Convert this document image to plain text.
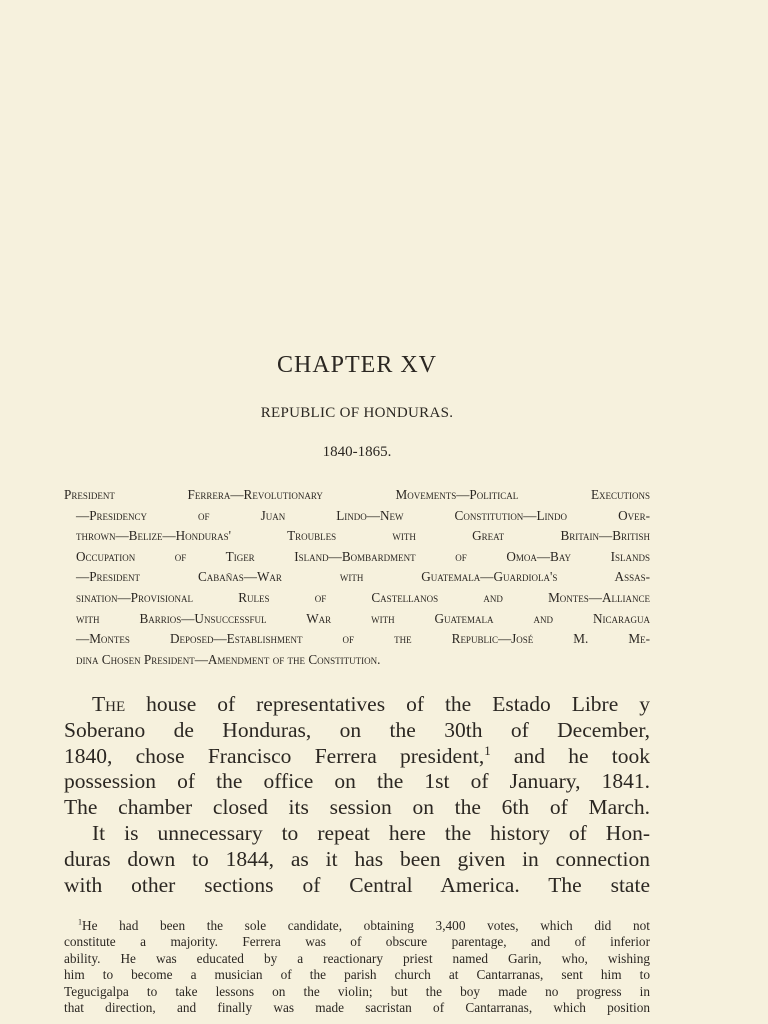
CHAPTER XV
REPUBLIC OF HONDURAS.
1840-1865.
President Ferrera—Revolutionary Movements—Political Executions
—Presidency of Juan Lindo—New Constitution—Lindo Over-
thrown—Belize—Honduras' Troubles with Great Britain—British
Occupation of Tiger Island—Bombardment of Omoa—Bay Islands
—President Cabañas—War with Guatemala—Guardiola's Assas-
sination—Provisional Rules of Castellanos and Montes—Alliance
with Barrios—Unsuccessful War with Guatemala and Nicaragua
—Montes Deposed—Establishment of the Republic—José M. Me-
dina Chosen President—Amendment of the Constitution.
The house of representatives of the Estado Libre y
Soberano de Honduras, on the 30th of December,
1840, chose Francisco Ferrera president,$^1$ and he took
possession of the office on the 1st of January, 1841.
The chamber closed its session on the 6th of March.
It is unnecessary to repeat here the history of Hon-
duras down to 1844, as it has been given in connection
with other sections of Central America. The state
$^1$He had been the sole candidate, obtaining 3,400 votes, which did not
constitute a majority. Ferrera was of obscure parentage, and of inferior
ability. He was educated by a reactionary priest named Garin, who, wishing
him to become a musician of the parish church at Cantarranas, sent him to
Tegucigalpa to take lessons on the violin; but the boy made no progress in
that direction, and finally was made sacristan of Cantarranas, which position
